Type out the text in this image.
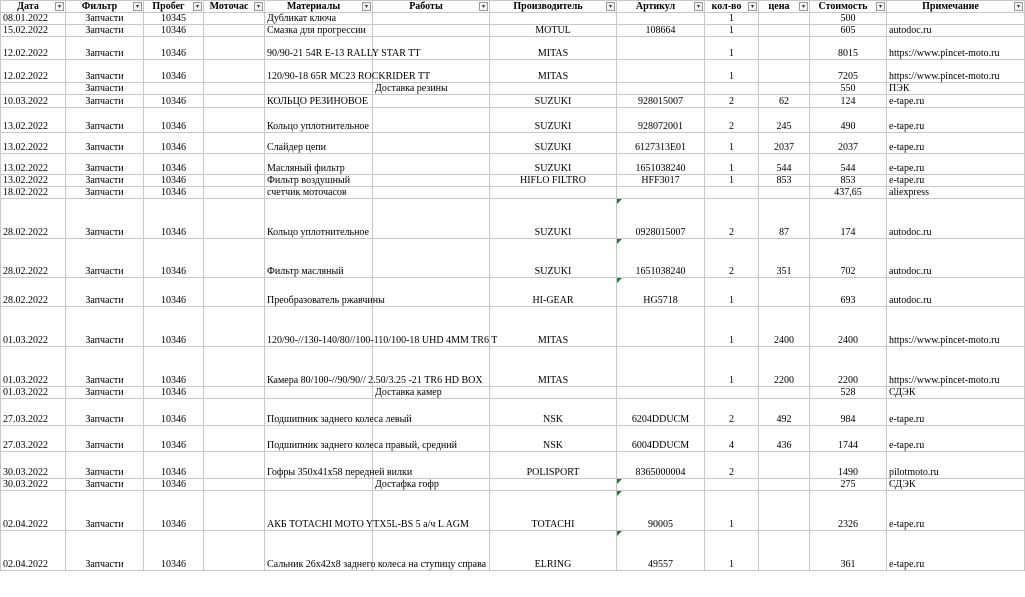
Дата ▾	Фильтр ▾	Пробег ▾	Моточас ▾	Материалы ▾	Работы ▾	Производитель ▾	Артикул ▾	кол-во ▾	цена ▾	Стоимость ▾	Примечание ▾

08.01.2022	Запчасти	10345		Дубликат ключа				1		500	
15.02.2022	Запчасти	10346		Смазка для прогрессии		MOTUL	108664	1		605	autodoc.ru
12.02.2022	Запчасти	10346		90/90-21 54R E-13 RALLY STAR TT		MITAS		1		8015	https://www.pincet-moto.ru
12.02.2022	Запчасти	10346		120/90-18 65R MC23 ROCKRIDER TT		MITAS		1		7205	https://www.pincet-moto.ru
	Запчасти				Доставка резины					550	ПЭК
10.03.2022	Запчасти	10346		КОЛЬЦО РЕЗИНОВОЕ		SUZUKI	928015007	2	62	124	e-tape.ru
13.02.2022	Запчасти	10346		Кольцо уплотнительное		SUZUKI	928072001	2	245	490	e-tape.ru
13.02.2022	Запчасти	10346		Слайдер цепи		SUZUKI	6127313E01	1	2037	2037	e-tape.ru
13.02.2022	Запчасти	10346		Масляный фильтр		SUZUKI	1651038240	1	544	544	e-tape.ru
13.02.2022	Запчасти	10346		Фильтр воздушный		HIFLO FILTRO	HFF3017	1	853	853	e-tape.ru
18.02.2022	Запчасти	10346		счетчик моточасов						437,65	aliexpress
28.02.2022	Запчасти	10346		Кольцо уплотнительное		SUZUKI	0928015007	2	87	174	autodoc.ru
28.02.2022	Запчасти	10346		Фильтр масляный		SUZUKI	1651038240	2	351	702	autodoc.ru
28.02.2022	Запчасти	10346		Преобразователь ржавчины		HI-GEAR	HG5718	1		693	autodoc.ru
01.03.2022	Запчасти	10346		120/90-//130-140/80//100-110/100-18 UHD 4MM TR6 T		MITAS		1	2400	2400	https://www.pincet-moto.ru
01.03.2022	Запчасти	10346		Камера 80/100-//90/90// 2.50/3.25 -21 TR6 HD BOX		MITAS		1	2200	2200	https://www.pincet-moto.ru
01.03.2022	Запчасти	10346			Доставка камер					528	СДЭК
27.03.2022	Запчасти	10346		Подшипник заднего колеса левый		NSK	6204DDUCM	2	492	984	e-tape.ru
27.03.2022	Запчасти	10346		Подшипник заднего колеса правый, средний		NSK	6004DDUCM	4	436	1744	e-tape.ru
30.03.2022	Запчасти	10346		Гофры 350x41x58 передней вилки		POLISPORT	8365000004	2		1490	pilotmoto.ru
30.03.2022	Запчасти	10346			Достафка гофр					275	СДЭК
02.04.2022	Запчасти	10346		АКБ TOTACHI MOTO YTX5L-BS 5 а/ч L AGM		TOTACHI	90005	1		2326	e-tape.ru
02.04.2022	Запчасти	10346		Сальник 26x42x8 заднего колеса на ступицу справа		ELRING	49557	1		361	e-tape.ru
